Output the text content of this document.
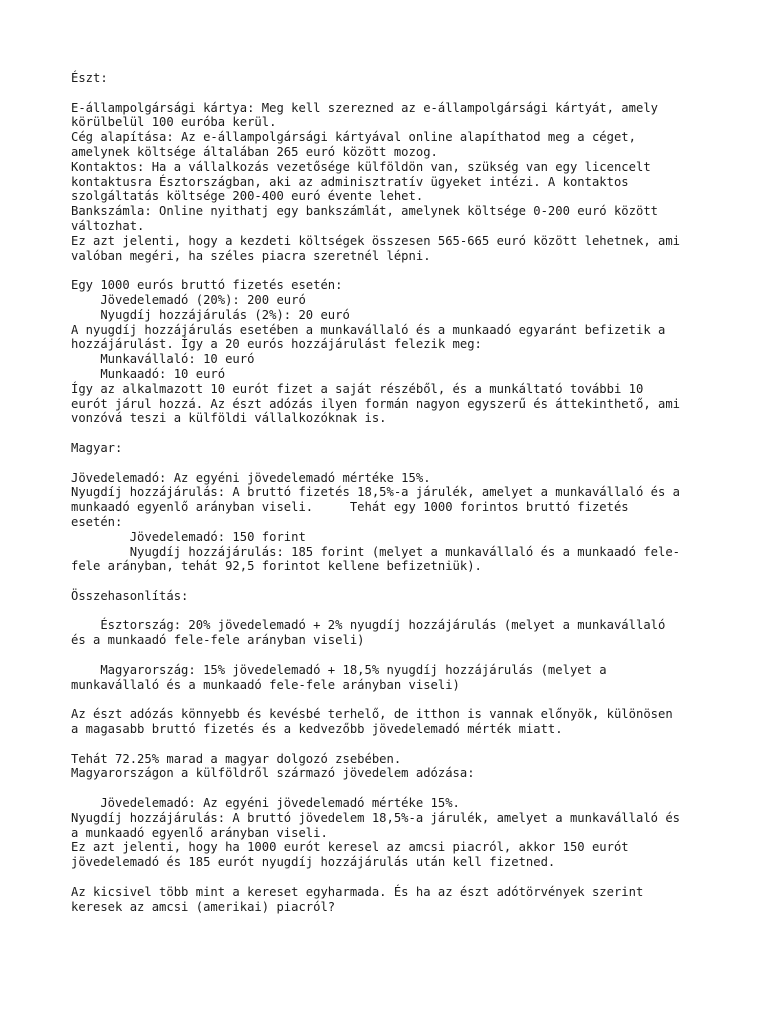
Észt:
E-állampolgársági kártya: Meg kell szerezned az e-állampolgársági kártyát, amely
körülbelül 100 euróba kerül.
Cég alapítása: Az e-állampolgársági kártyával online alapíthatod meg a céget,
amelynek költsége általában 265 euró között mozog.
Kontaktos: Ha a vállalkozás vezetősége külföldön van, szükség van egy licencelt
kontaktusra Észtországban, aki az adminisztratív ügyeket intézi. A kontaktos
szolgáltatás költsége 200-400 euró évente lehet.
Bankszámla: Online nyithatj egy bankszámlát, amelynek költsége 0-200 euró között
változhat.
Ez azt jelenti, hogy a kezdeti költségek összesen 565-665 euró között lehetnek, ami
valóban megéri, ha széles piacra szeretnél lépni.
Egy 1000 eurós bruttó fizetés esetén:
Jövedelemadó (20%): 200 euró
Nyugdíj hozzájárulás (2%): 20 euró
A nyugdíj hozzájárulás esetében a munkavállaló és a munkaadó egyaránt befizetik a
hozzájárulást. Így a 20 eurós hozzájárulást felezik meg:
Munkavállaló: 10 euró
Munkaadó: 10 euró
Így az alkalmazott 10 eurót fizet a saját részéből, és a munkáltató további 10
eurót járul hozzá. Az észt adózás ilyen formán nagyon egyszerű és áttekinthető, ami
vonzóvá teszi a külföldi vállalkozóknak is.
Magyar:
Jövedelemadó: Az egyéni jövedelemadó mértéke 15%.
Nyugdíj hozzájárulás: A bruttó fizetés 18,5%-a járulék, amelyet a munkavállaló és a
munkaadó egyenlő arányban viseli.     Tehát egy 1000 forintos bruttó fizetés
esetén:
Jövedelemadó: 150 forint
Nyugdíj hozzájárulás: 185 forint (melyet a munkavállaló és a munkaadó fele-
fele arányban, tehát 92,5 forintot kellene befizetniük).
Összehasonlítás:
Észtország: 20% jövedelemadó + 2% nyugdíj hozzájárulás (melyet a munkavállaló
és a munkaadó fele-fele arányban viseli)
Magyarország: 15% jövedelemadó + 18,5% nyugdíj hozzájárulás (melyet a
munkavállaló és a munkaadó fele-fele arányban viseli)
Az észt adózás könnyebb és kevésbé terhelő, de itthon is vannak előnyök, különösen
a magasabb bruttó fizetés és a kedvezőbb jövedelemadó mérték miatt.
Tehát 72.25% marad a magyar dolgozó zsebében.
Magyarországon a külföldről származó jövedelem adózása:
Jövedelemadó: Az egyéni jövedelemadó mértéke 15%.
Nyugdíj hozzájárulás: A bruttó jövedelem 18,5%-a járulék, amelyet a munkavállaló és
a munkaadó egyenlő arányban viseli.
Ez azt jelenti, hogy ha 1000 eurót keresel az amcsi piacról, akkor 150 eurót
jövedelemadó és 185 eurót nyugdíj hozzájárulás után kell fizetned.
Az kicsivel több mint a kereset egyharmada. És ha az észt adótörvények szerint
keresek az amcsi (amerikai) piacról?
